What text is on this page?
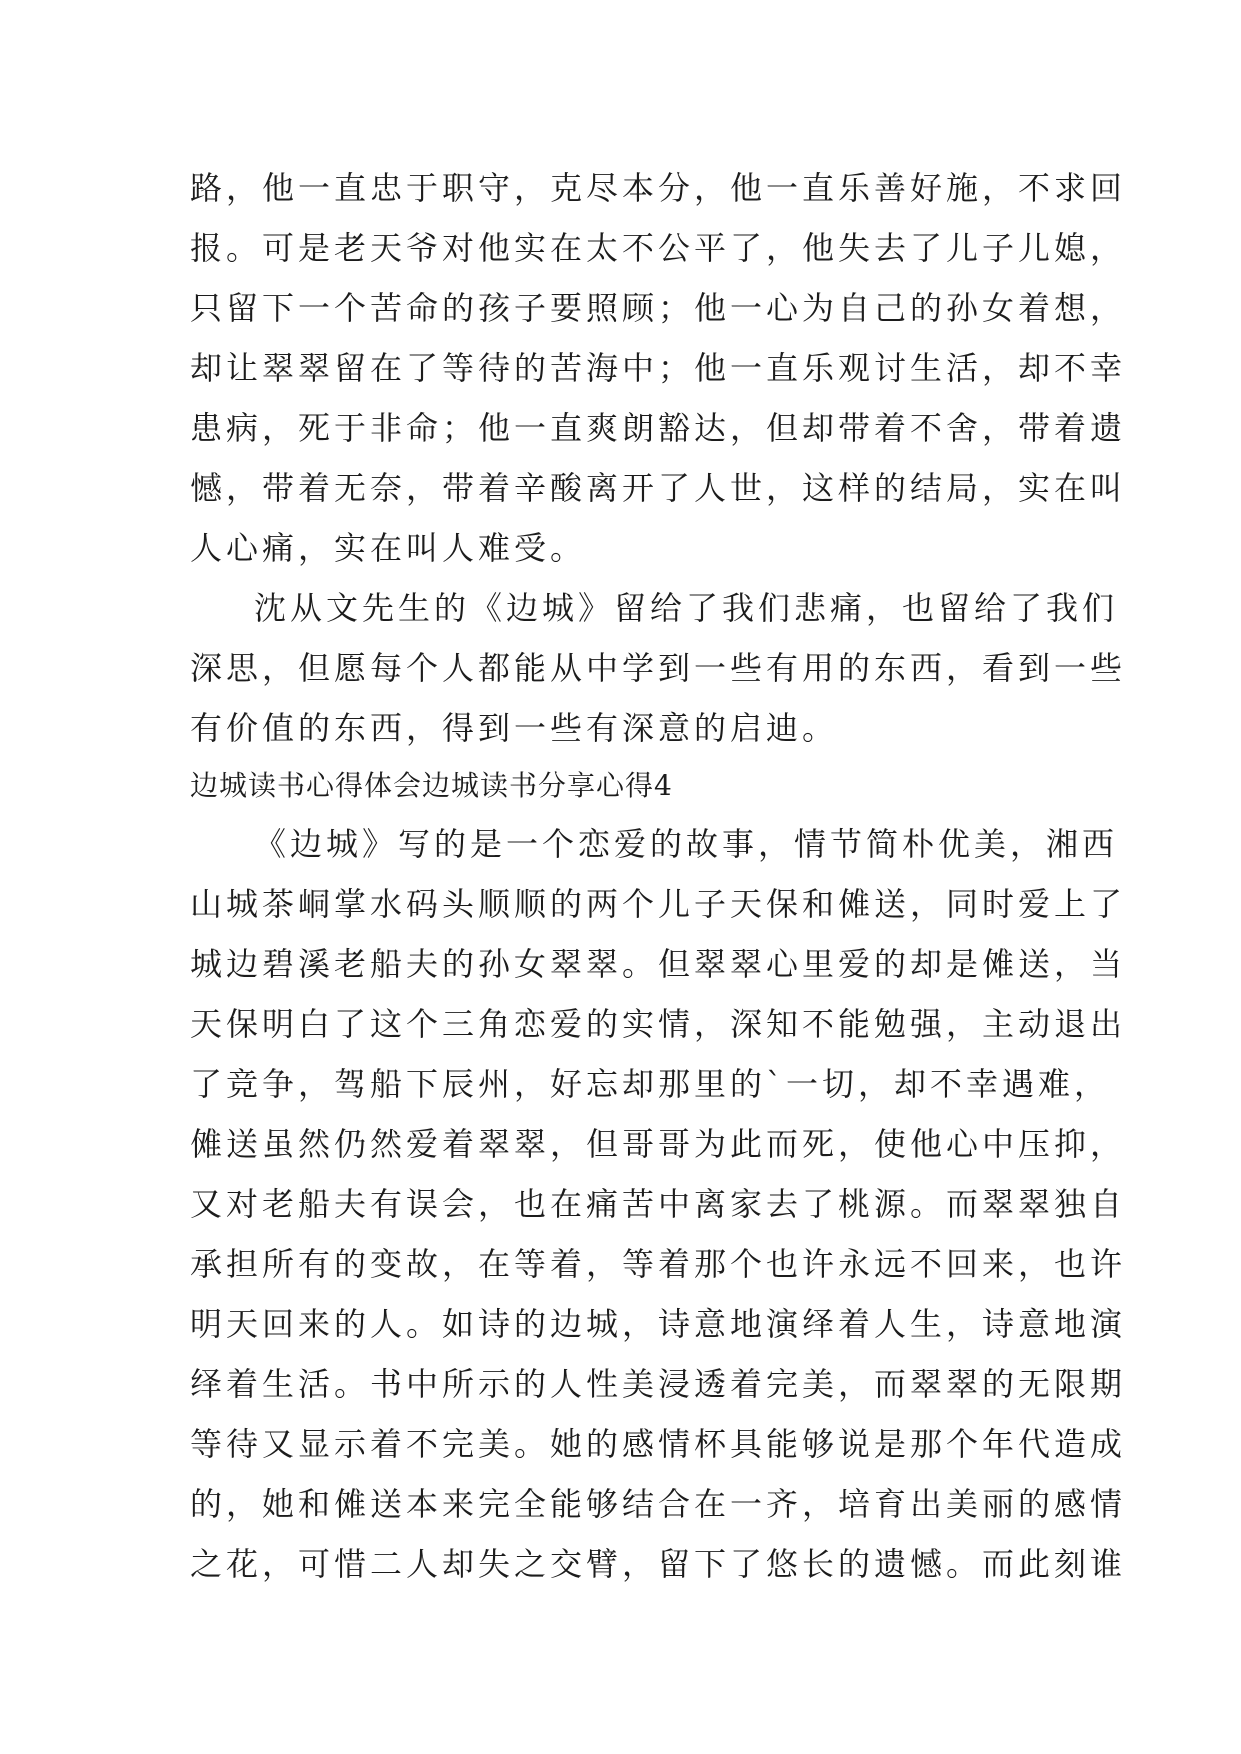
路，他一直忠于职守，克尽本分，他一直乐善好施，不求回
报。可是老天爷对他实在太不公平了，他失去了儿子儿媳，
只留下一个苦命的孩子要照顾；他一心为自己的孙女着想，
却让翠翠留在了等待的苦海中；他一直乐观讨生活，却不幸
患病，死于非命；他一直爽朗豁达，但却带着不舍，带着遗
憾，带着无奈，带着辛酸离开了人世，这样的结局，实在叫
人心痛，实在叫人难受。
沈从文先生的《边城》留给了我们悲痛，也留给了我们
深思，但愿每个人都能从中学到一些有用的东西，看到一些
有价值的东西，得到一些有深意的启迪。
边城读书心得体会边城读书分享心得4
《边城》写的是一个恋爱的故事，情节简朴优美，湘西
山城茶峒掌水码头顺顺的两个儿子天保和傩送，同时爱上了
城边碧溪老船夫的孙女翠翠。但翠翠心里爱的却是傩送，当
天保明白了这个三角恋爱的实情，深知不能勉强，主动退出
了竞争，驾船下辰州，好忘却那里的`一切，却不幸遇难，
傩送虽然仍然爱着翠翠，但哥哥为此而死，使他心中压抑，
又对老船夫有误会，也在痛苦中离家去了桃源。而翠翠独自
承担所有的变故，在等着，等着那个也许永远不回来，也许
明天回来的人。如诗的边城，诗意地演绎着人生，诗意地演
绎着生活。书中所示的人性美浸透着完美，而翠翠的无限期
等待又显示着不完美。她的感情杯具能够说是那个年代造成
的，她和傩送本来完全能够结合在一齐，培育出美丽的感情
之花，可惜二人却失之交臂，留下了悠长的遗憾。而此刻谁
